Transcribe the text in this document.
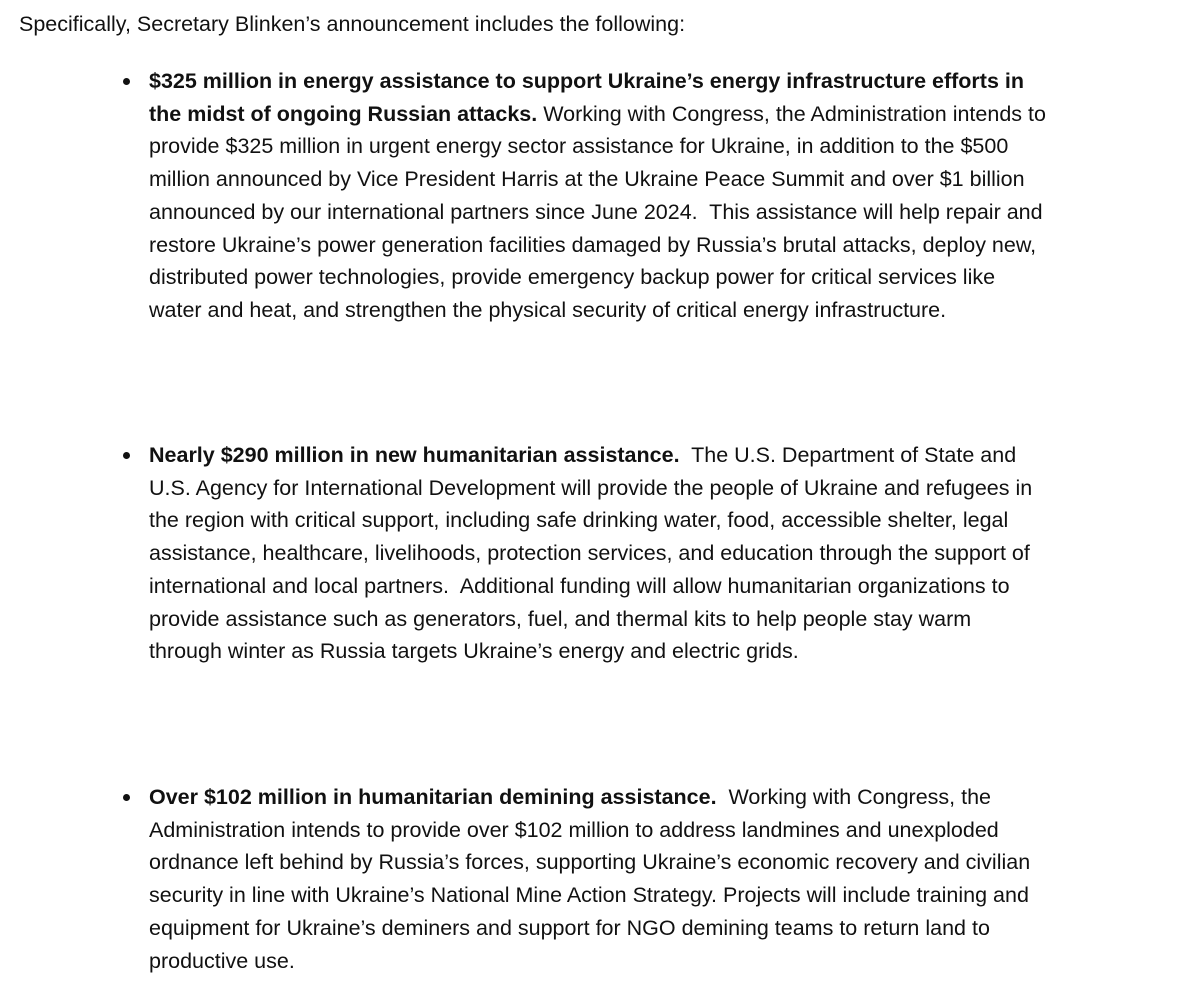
Specifically, Secretary Blinken’s announcement includes the following:

$325 million in energy assistance to support Ukraine’s energy infrastructure efforts in the midst of ongoing Russian attacks. Working with Congress, the Administration intends to provide $325 million in urgent energy sector assistance for Ukraine, in addition to the $500 million announced by Vice President Harris at the Ukraine Peace Summit and over $1 billion announced by our international partners since June 2024.  This assistance will help repair and restore Ukraine’s power generation facilities damaged by Russia’s brutal attacks, deploy new, distributed power technologies, provide emergency backup power for critical services like water and heat, and strengthen the physical security of critical energy infrastructure.
Nearly $290 million in new humanitarian assistance.  The U.S. Department of State and U.S. Agency for International Development will provide the people of Ukraine and refugees in the region with critical support, including safe drinking water, food, accessible shelter, legal assistance, healthcare, livelihoods, protection services, and education through the support of international and local partners.  Additional funding will allow humanitarian organizations to provide assistance such as generators, fuel, and thermal kits to help people stay warm through winter as Russia targets Ukraine’s energy and electric grids.
Over $102 million in humanitarian demining assistance.  Working with Congress, the Administration intends to provide over $102 million to address landmines and unexploded ordnance left behind by Russia’s forces, supporting Ukraine’s economic recovery and civilian security in line with Ukraine’s National Mine Action Strategy. Projects will include training and equipment for Ukraine’s deminers and support for NGO demining teams to return land to productive use.
